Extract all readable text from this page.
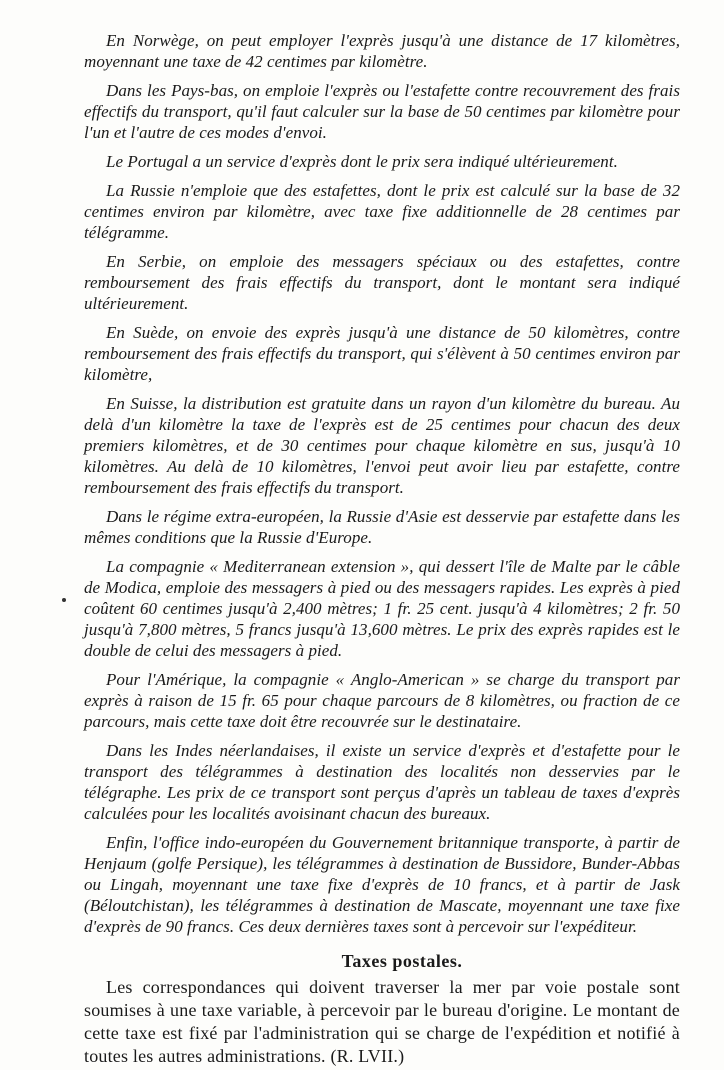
En Norwège, on peut employer l'exprès jusqu'à une distance de 17 kilomètres, moyennant une taxe de 42 centimes par kilomètre.

Dans les Pays-bas, on emploie l'exprès ou l'estafette contre recouvrement des frais effectifs du transport, qu'il faut calculer sur la base de 50 centimes par kilomètre pour l'un et l'autre de ces modes d'envoi.

Le Portugal a un service d'exprès dont le prix sera indiqué ultérieurement.

La Russie n'emploie que des estafettes, dont le prix est calculé sur la base de 32 centimes environ par kilomètre, avec taxe fixe additionnelle de 28 centimes par télégramme.

En Serbie, on emploie des messagers spéciaux ou des estafettes, contre remboursement des frais effectifs du transport, dont le montant sera indiqué ultérieurement.

En Suède, on envoie des exprès jusqu'à une distance de 50 kilomètres, contre remboursement des frais effectifs du transport, qui s'élèvent à 50 centimes environ par kilomètre,

En Suisse, la distribution est gratuite dans un rayon d'un kilomètre du bureau. Au delà d'un kilomètre la taxe de l'exprès est de 25 centimes pour chacun des deux premiers kilomètres, et de 30 centimes pour chaque kilomètre en sus, jusqu'à 10 kilomètres. Au delà de 10 kilomètres, l'envoi peut avoir lieu par estafette, contre remboursement des frais effectifs du transport.

Dans le régime extra-européen, la Russie d'Asie est desservie par estafette dans les mêmes conditions que la Russie d'Europe.

La compagnie « Mediterranean extension », qui dessert l'île de Malte par le câble de Modica, emploie des messagers à pied ou des messagers rapides. Les exprès à pied coûtent 60 centimes jusqu'à 2,400 mètres; 1 fr. 25 cent. jusqu'à 4 kilomètres; 2 fr. 50 jusqu'à 7,800 mètres, 5 francs jusqu'à 13,600 mètres. Le prix des exprès rapides est le double de celui des messagers à pied.

Pour l'Amérique, la compagnie « Anglo-American » se charge du transport par exprès à raison de 15 fr. 65 pour chaque parcours de 8 kilomètres, ou fraction de ce parcours, mais cette taxe doit être recouvrée sur le destinataire.

Dans les Indes néerlandaises, il existe un service d'exprès et d'estafette pour le transport des télégrammes à destination des localités non desservies par le télégraphe. Les prix de ce transport sont perçus d'après un tableau de taxes d'exprès calculées pour les localités avoisinant chacun des bureaux.

Enfin, l'office indo-européen du Gouvernement britannique transporte, à partir de Henjaum (golfe Persique), les télégrammes à destination de Bussidore, Bunder-Abbas ou Lingah, moyennant une taxe fixe d'exprès de 10 francs, et à partir de Jask (Béloutchistan), les télégrammes à destination de Mascate, moyennant une taxe fixe d'exprès de 90 francs. Ces deux dernières taxes sont à percevoir sur l'expéditeur.

Taxes postales.

Les correspondances qui doivent traverser la mer par voie postale sont soumises à une taxe variable, à percevoir par le bureau d'origine. Le montant de cette taxe est fixé par l'administration qui se charge de l'expédition et notifié à toutes les autres administrations. (R. LVII.)
